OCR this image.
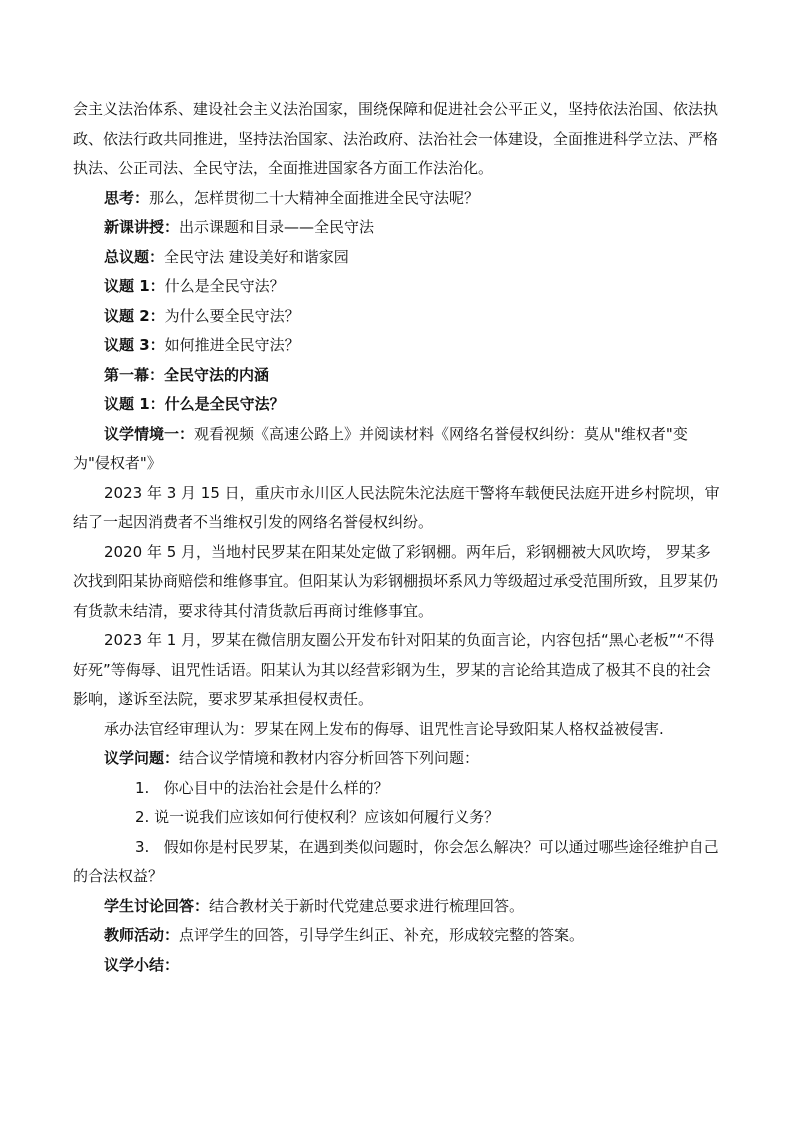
会主义法治体系、建设社会主义法治国家，围绕保障和促进社会公平正义，坚持依法治国、依法执政、依法行政共同推进，坚持法治国家、法治政府、法治社会一体建设，全面推进科学立法、严格执法、公正司法、全民守法，全面推进国家各方面工作法治化。

思考：那么，怎样贯彻二十大精神全面推进全民守法呢？

新课讲授：出示课题和目录——全民守法

总议题：全民守法 建设美好和谐家园

议题 1：什么是全民守法？

议题 2：为什么要全民守法？

议题 3：如何推进全民守法？

第一幕：全民守法的内涵

议题 1：什么是全民守法？

议学情境一：观看视频《高速公路上》并阅读材料《网络名誉侵权纠纷：莫从"维权者"变为"侵权者"》

2023 年 3 月 15 日，重庆市永川区人民法院朱沱法庭干警将车载便民法庭开进乡村院坝，审结了一起因消费者不当维权引发的网络名誉侵权纠纷。

2020 年 5 月，当地村民罗某在阳某处定做了彩钢棚。两年后，彩钢棚被大风吹垮， 罗某多次找到阳某协商赔偿和维修事宜。但阳某认为彩钢棚损坏系风力等级超过承受范围所致，且罗某仍有货款未结清，要求待其付清货款后再商讨维修事宜。

2023 年 1 月，罗某在微信朋友圈公开发布针对阳某的负面言论，内容包括“黑心老板”“不得好死”等侮辱、诅咒性话语。阳某认为其以经营彩钢为生，罗某的言论给其造成了极其不良的社会影响，遂诉至法院，要求罗某承担侵权责任。

承办法官经审理认为：罗某在网上发布的侮辱、诅咒性言论导致阳某人格权益被侵害.

议学问题：结合议学情境和教材内容分析回答下列问题：

1. 你心目中的法治社会是什么样的？

2. 说一说我们应该如何行使权利？应该如何履行义务？

3. 假如你是村民罗某，在遇到类似问题时，你会怎么解决？可以通过哪些途径维护自己的合法权益？

学生讨论回答：结合教材关于新时代党建总要求进行梳理回答。

教师活动：点评学生的回答，引导学生纠正、补充，形成较完整的答案。

议学小结：
